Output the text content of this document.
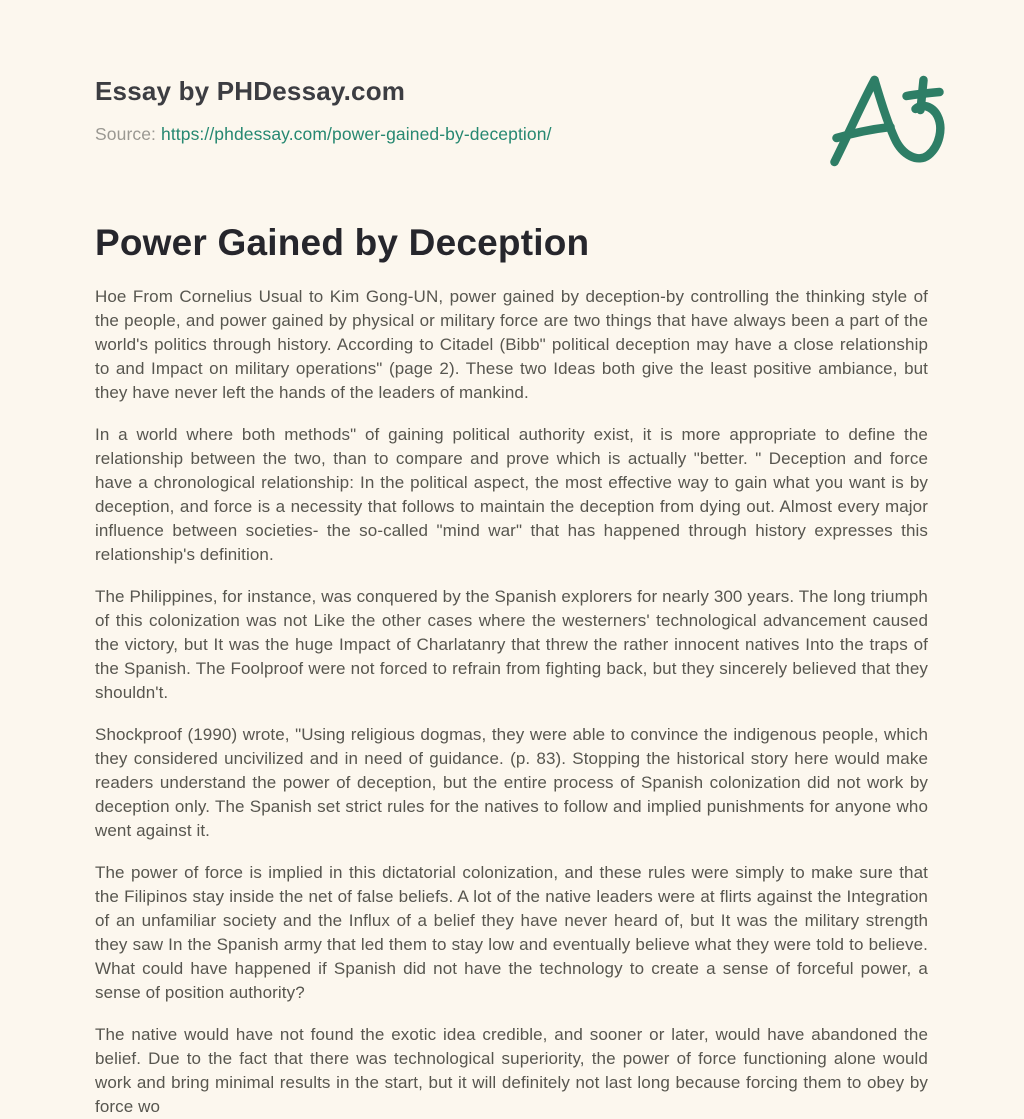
Essay by PHDessay.com
Source: https://phdessay.com/power-gained-by-deception/
Power Gained by Deception

Hoe From Cornelius Usual to Kim Gong-UN, power gained by deception-by controlling the thinking style of the people, and power gained by physical or military force are two things that have always been a part of the world's politics through history. According to Citadel (Bibb" political deception may have a close relationship to and Impact on military operations" (page 2). These two Ideas both give the least positive ambiance, but they have never left the hands of the leaders of mankind.

In a world where both methods" of gaining political authority exist, it is more appropriate to define the relationship between the two, than to compare and prove which is actually "better. " Deception and force have a chronological relationship: In the political aspect, the most effective way to gain what you want is by deception, and force is a necessity that follows to maintain the deception from dying out. Almost every major influence between societies- the so-called "mind war" that has happened through history expresses this relationship's definition.

The Philippines, for instance, was conquered by the Spanish explorers for nearly 300 years. The long triumph of this colonization was not Like the other cases where the westerners' technological advancement caused the victory, but It was the huge Impact of Charlatanry that threw the rather innocent natives Into the traps of the Spanish. The Foolproof were not forced to refrain from fighting back, but they sincerely believed that they shouldn't.

Shockproof (1990) wrote, "Using religious dogmas, they were able to convince the indigenous people, which they considered uncivilized and in need of guidance. (p. 83). Stopping the historical story here would make readers understand the power of deception, but the entire process of Spanish colonization did not work by deception only. The Spanish set strict rules for the natives to follow and implied punishments for anyone who went against it.

The power of force is implied in this dictatorial colonization, and these rules were simply to make sure that the Filipinos stay inside the net of false beliefs. A lot of the native leaders were at flirts against the Integration of an unfamiliar society and the Influx of a belief they have never heard of, but It was the military strength they saw In the Spanish army that led them to stay low and eventually believe what they were told to believe. What could have happened if Spanish did not have the technology to create a sense of forceful power, a sense of position authority?

The native would have not found the exotic idea credible, and sooner or later, would have abandoned the belief. Due to the fact that there was technological superiority, the power of force functioning alone would work and bring minimal results in the start, but it will definitely not last long because forcing them to obey by force wo
